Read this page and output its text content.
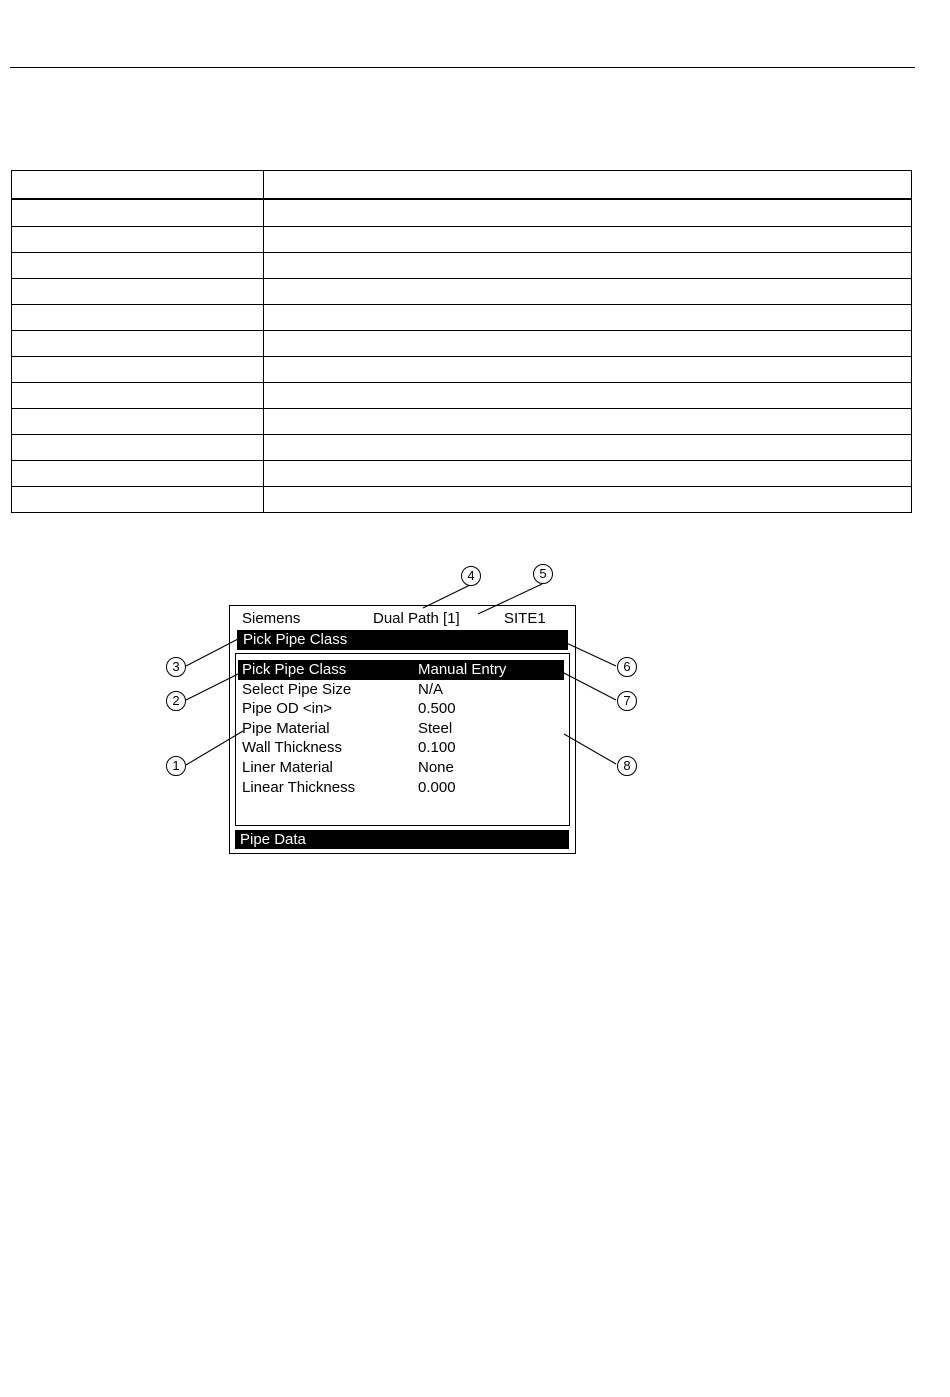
Siemens	Dual Path [1]	SITE1
Pick Pipe Class
Pick Pipe Class	Manual Entry
Select Pipe Size	N/A
Pipe OD <in>	0.500
Pipe Material	Steel
Wall Thickness	0.100
Liner Material	None
Linear Thickness	0.000
Pipe Data
1
2
3
4	5
6
7
8
